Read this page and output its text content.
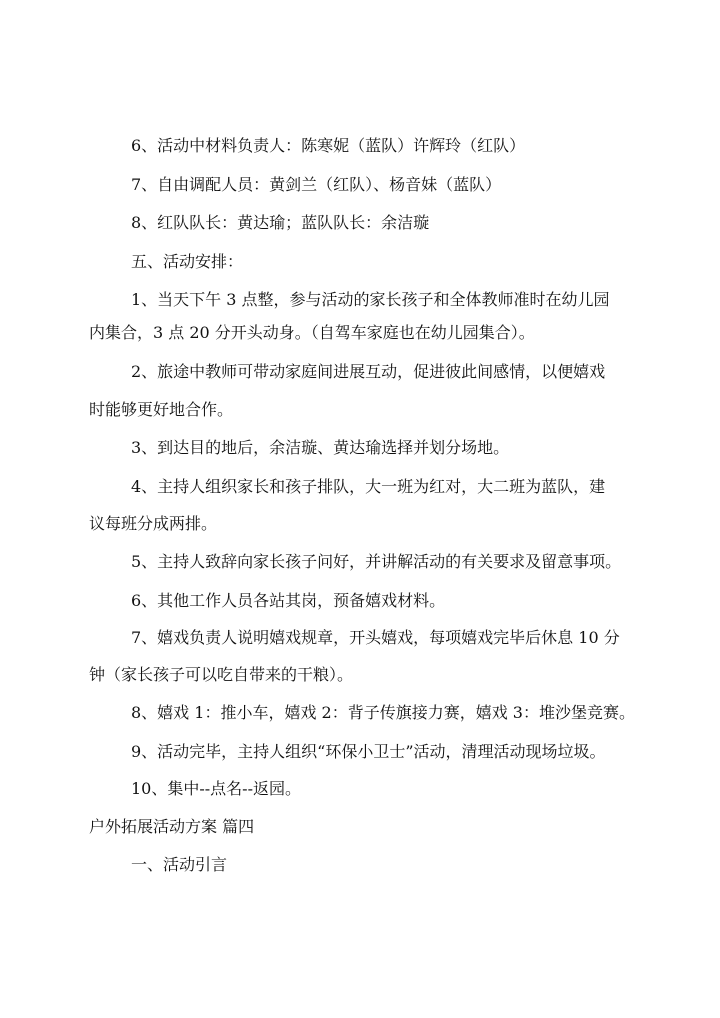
6、活动中材料负责人：陈寒妮（蓝队）许辉玲（红队）
7、自由调配人员：黄剑兰（红队）、杨音妹（蓝队）
8、红队队长：黄达瑜；蓝队队长：余洁璇
五、活动安排：
1、当天下午 3 点整，参与活动的家长孩子和全体教师准时在幼儿园
内集合，3 点 20 分开头动身。（自驾车家庭也在幼儿园集合）。
2、旅途中教师可带动家庭间进展互动，促进彼此间感情，以便嬉戏
时能够更好地合作。
3、到达目的地后，余洁璇、黄达瑜选择并划分场地。
4、主持人组织家长和孩子排队，大一班为红对，大二班为蓝队，建
议每班分成两排。
5、主持人致辞向家长孩子问好，并讲解活动的有关要求及留意事项。
6、其他工作人员各站其岗，预备嬉戏材料。
7、嬉戏负责人说明嬉戏规章，开头嬉戏，每项嬉戏完毕后休息 10 分
钟（家长孩子可以吃自带来的干粮）。
8、嬉戏 1：推小车，嬉戏 2：背子传旗接力赛，嬉戏 3：堆沙堡竞赛。
9、活动完毕，主持人组织“环保小卫士”活动，清理活动现场垃圾。
10、集中--点名--返园。
户外拓展活动方案 篇四
一、活动引言
